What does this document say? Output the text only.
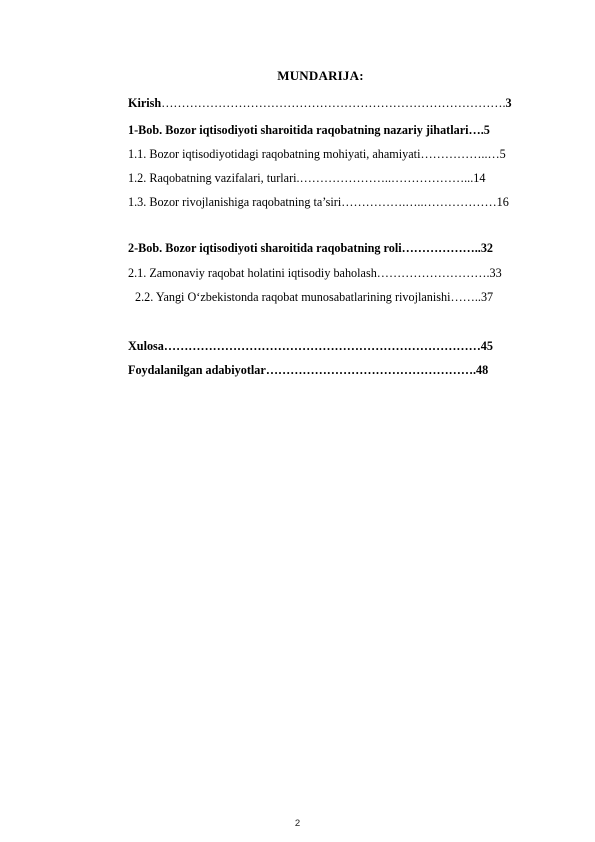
MUNDARIJA:
Kirish………………………………………………………………………….3
1-Bob. Bozor iqtisodiyoti sharoitida raqobatning nazariy jihatlari….5
1.1. Bozor iqtisodiyotidagi raqobatning mohiyati, ahamiyati……………..…5
1.2. Raqobatning vazifalari, turlari.…………………..………………...14
1.3. Bozor rivojlanishiga raqobatning ta’siri…………….…..………………16
2-Bob. Bozor iqtisodiyoti sharoitida raqobatning roli………………..32
2.1. Zamonaviy raqobat holatini iqtisodiy baholash……………………….33
2.2. Yangi O‘zbekistonda raqobat munosabatlarining rivojlanishi……..37
Xulosa……………………………………………………………………45
Foydalanilgan adabiyotlar…………………………………………….48
2
